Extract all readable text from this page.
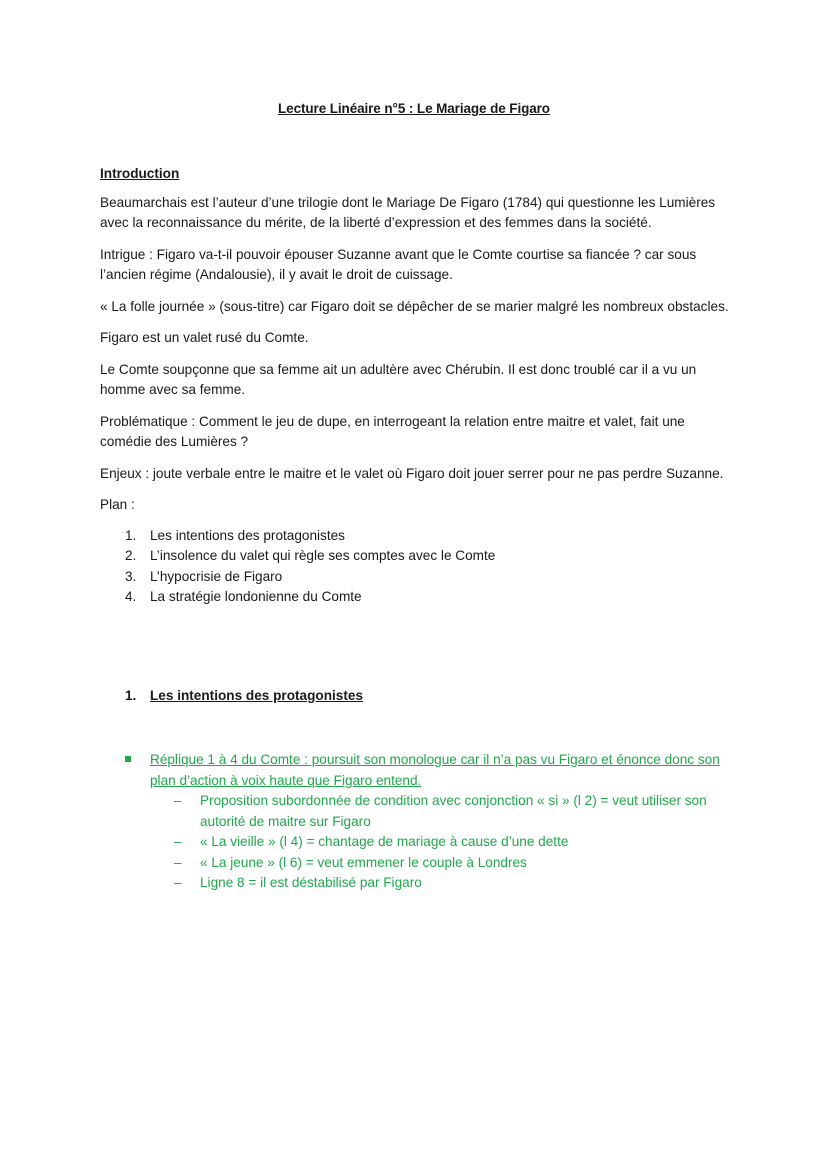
Lecture Linéaire n°5 : Le Mariage de Figaro
Introduction

Beaumarchais est l’auteur d’une trilogie dont le Mariage De Figaro (1784) qui questionne les Lumières avec la reconnaissance du mérite, de la liberté d’expression et des femmes dans la société.

Intrigue : Figaro va-t-il pouvoir épouser Suzanne avant que le Comte courtise sa fiancée ? car sous l’ancien régime (Andalousie), il y avait le droit de cuissage.

« La folle journée » (sous-titre) car Figaro doit se dépêcher de se marier malgré les nombreux obstacles.

Figaro est un valet rusé du Comte.

Le Comte soupçonne que sa femme ait un adultère avec Chérubin. Il est donc troublé car il a vu un homme avec sa femme.

Problématique : Comment le jeu de dupe, en interrogeant la relation entre maitre et valet, fait une comédie des Lumières ?

Enjeux : joute verbale entre le maitre et le valet où Figaro doit jouer serrer pour ne pas perdre Suzanne.

Plan :

1. Les intentions des protagonistes
2. L’insolence du valet qui règle ses comptes avec le Comte
3. L’hypocrisie de Figaro
4. La stratégie londonienne du Comte
1. Les intentions des protagonistes
Réplique 1 à 4 du Comte : poursuit son monologue car il n’a pas vu Figaro et énonce donc son plan d’action à voix haute que Figaro entend.
– Proposition subordonnée de condition avec conjonction « si » (l 2) = veut utiliser son autorité de maitre sur Figaro
– « La vieille » (l 4) = chantage de mariage à cause d’une dette
– « La jeune » (l 6) = veut emmener le couple à Londres
– Ligne 8 = il est déstabilisé par Figaro
